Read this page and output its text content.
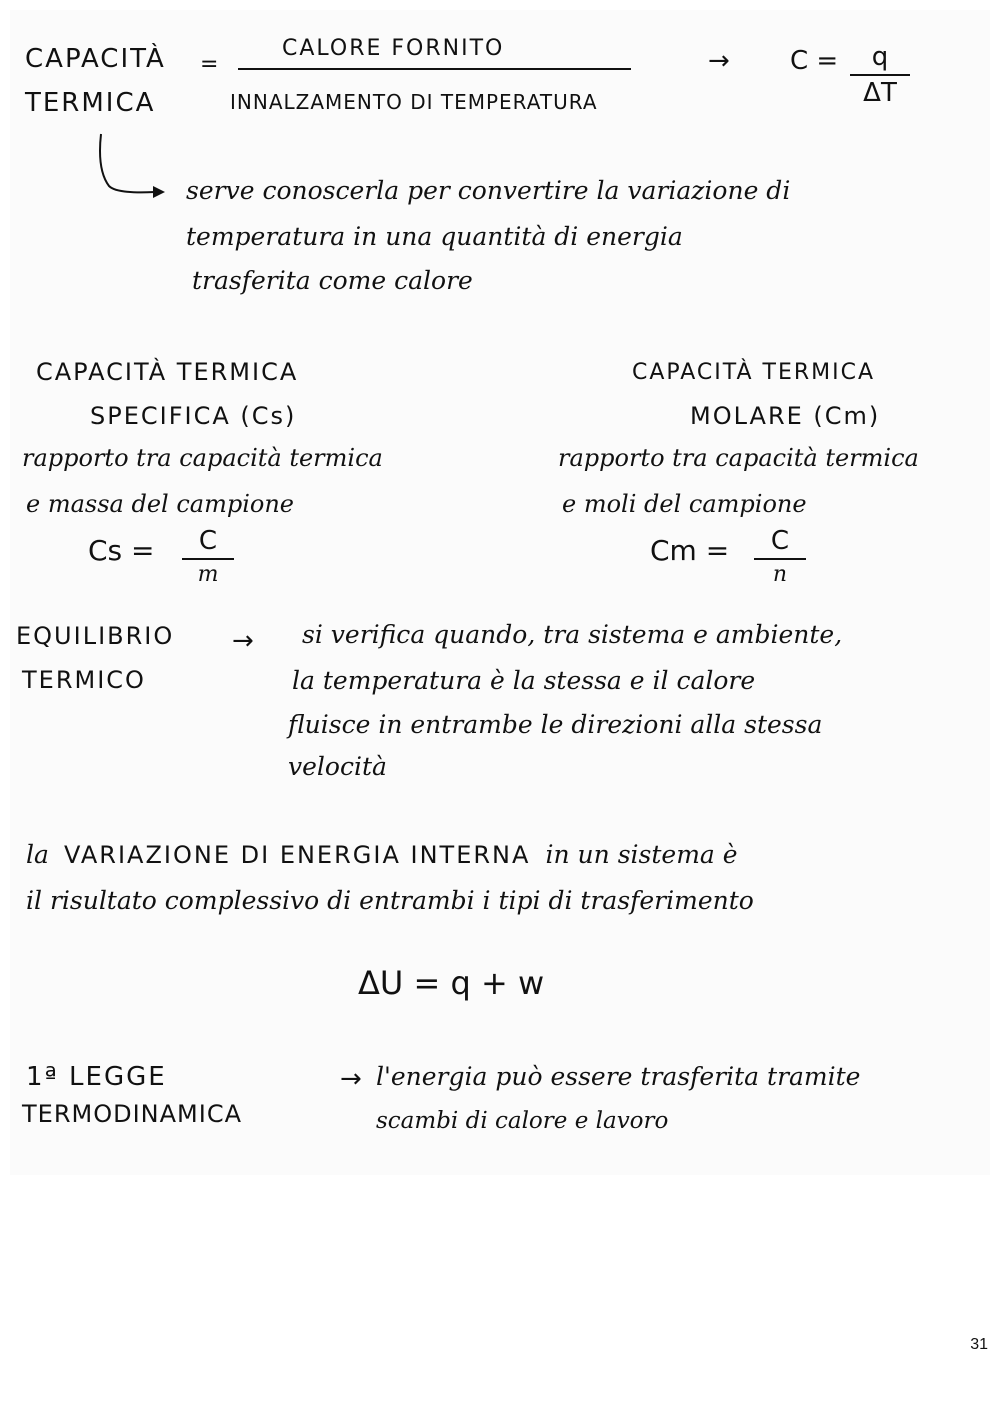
CAPACITÀ
TERMICA
=
CALORE FORNITO
INNALZAMENTO DI TEMPERATURA
→ C =	q
ΔT
serve conoscerla per convertire la variazione di
temperatura in una quantità di energia
trasferita come calore
CAPACITÀ TERMICA
SPECIFICA (Cs)
rapporto tra capacità termica
e massa del campione
Cs =	C
m
CAPACITÀ TERMICA
MOLARE (Cm)
rapporto tra capacità termica
e moli del campione
Cm =	C
n
EQUILIBRIO
TERMICO
→ si verifica quando, tra sistema e ambiente,
la temperatura è la stessa e il calore
fluisce in entrambe le direzioni alla stessa
velocità
la VARIAZIONE DI ENERGIA INTERNA in un sistema è
il risultato complessivo di entrambi i tipi di trasferimento
ΔU = q + w
1ª LEGGE
TERMODINAMICA
→ l'energia può essere trasferita tramite
scambi di calore e lavoro
31
